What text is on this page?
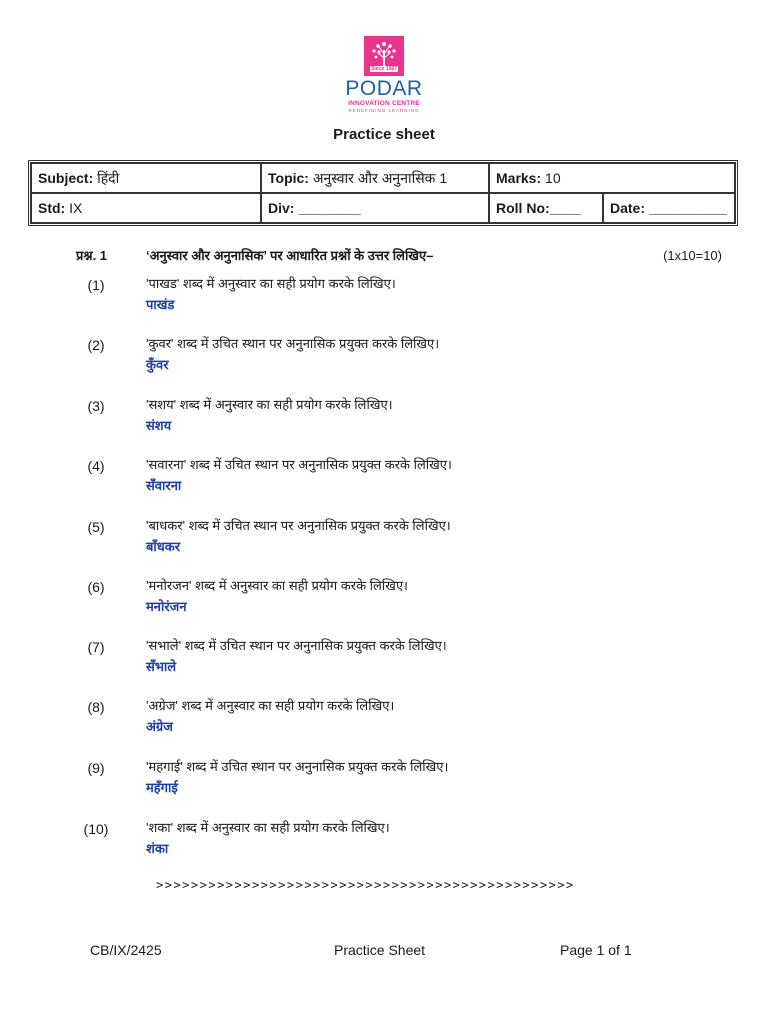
Since 1927
PODAR
INNOVATION CENTRE
REDEFINING LEARNING
Practice sheet
Subject: हिंदी	Topic: अनुस्वार और अनुनासिक 1	Marks: 10	
Std: IX	Div: ________	Roll No:____	Date: __________
प्रश्न. 1	‘अनुस्वार और अनुनासिक’ पर आधारित प्रश्नों के उत्तर लिखिए–	(1x10=10)
(1)	'पाखड' शब्द में अनुस्वार का सही प्रयोग करके लिखिए।
पाखंड
(2)	'कुवर' शब्द में उचित स्थान पर अनुनासिक प्रयुक्त करके लिखिए।
कुँवर
(3)	'सशय' शब्द में अनुस्वार का सही प्रयोग करके लिखिए।
संशय
(4)	'सवारना' शब्द में उचित स्थान पर अनुनासिक प्रयुक्त करके लिखिए।
सँवारना
(5)	'बाधकर' शब्द में उचित स्थान पर अनुनासिक प्रयुक्त करके लिखिए।
बाँधकर
(6)	'मनोरजन' शब्द में अनुस्वार का सही प्रयोग करके लिखिए।
मनोरंजन
(7)	'सभाले' शब्द में उचित स्थान पर अनुनासिक प्रयुक्त करके लिखिए।
सँभाले
(8)	'अग्रेज' शब्द में अनुस्वार का सही प्रयोग करके लिखिए।
अंग्रेज
(9)	'महगाई' शब्द में उचित स्थान पर अनुनासिक प्रयुक्त करके लिखिए।
महँगाई
(10)	'शका' शब्द में अनुस्वार का सही प्रयोग करके लिखिए।
शंका
>>>>>>>>>>>>>>>>>>>>>>>>>>>>>>>>>>>>>>>>>>>>>>>>
CB/IX/2425	Practice Sheet	Page 1 of 1
